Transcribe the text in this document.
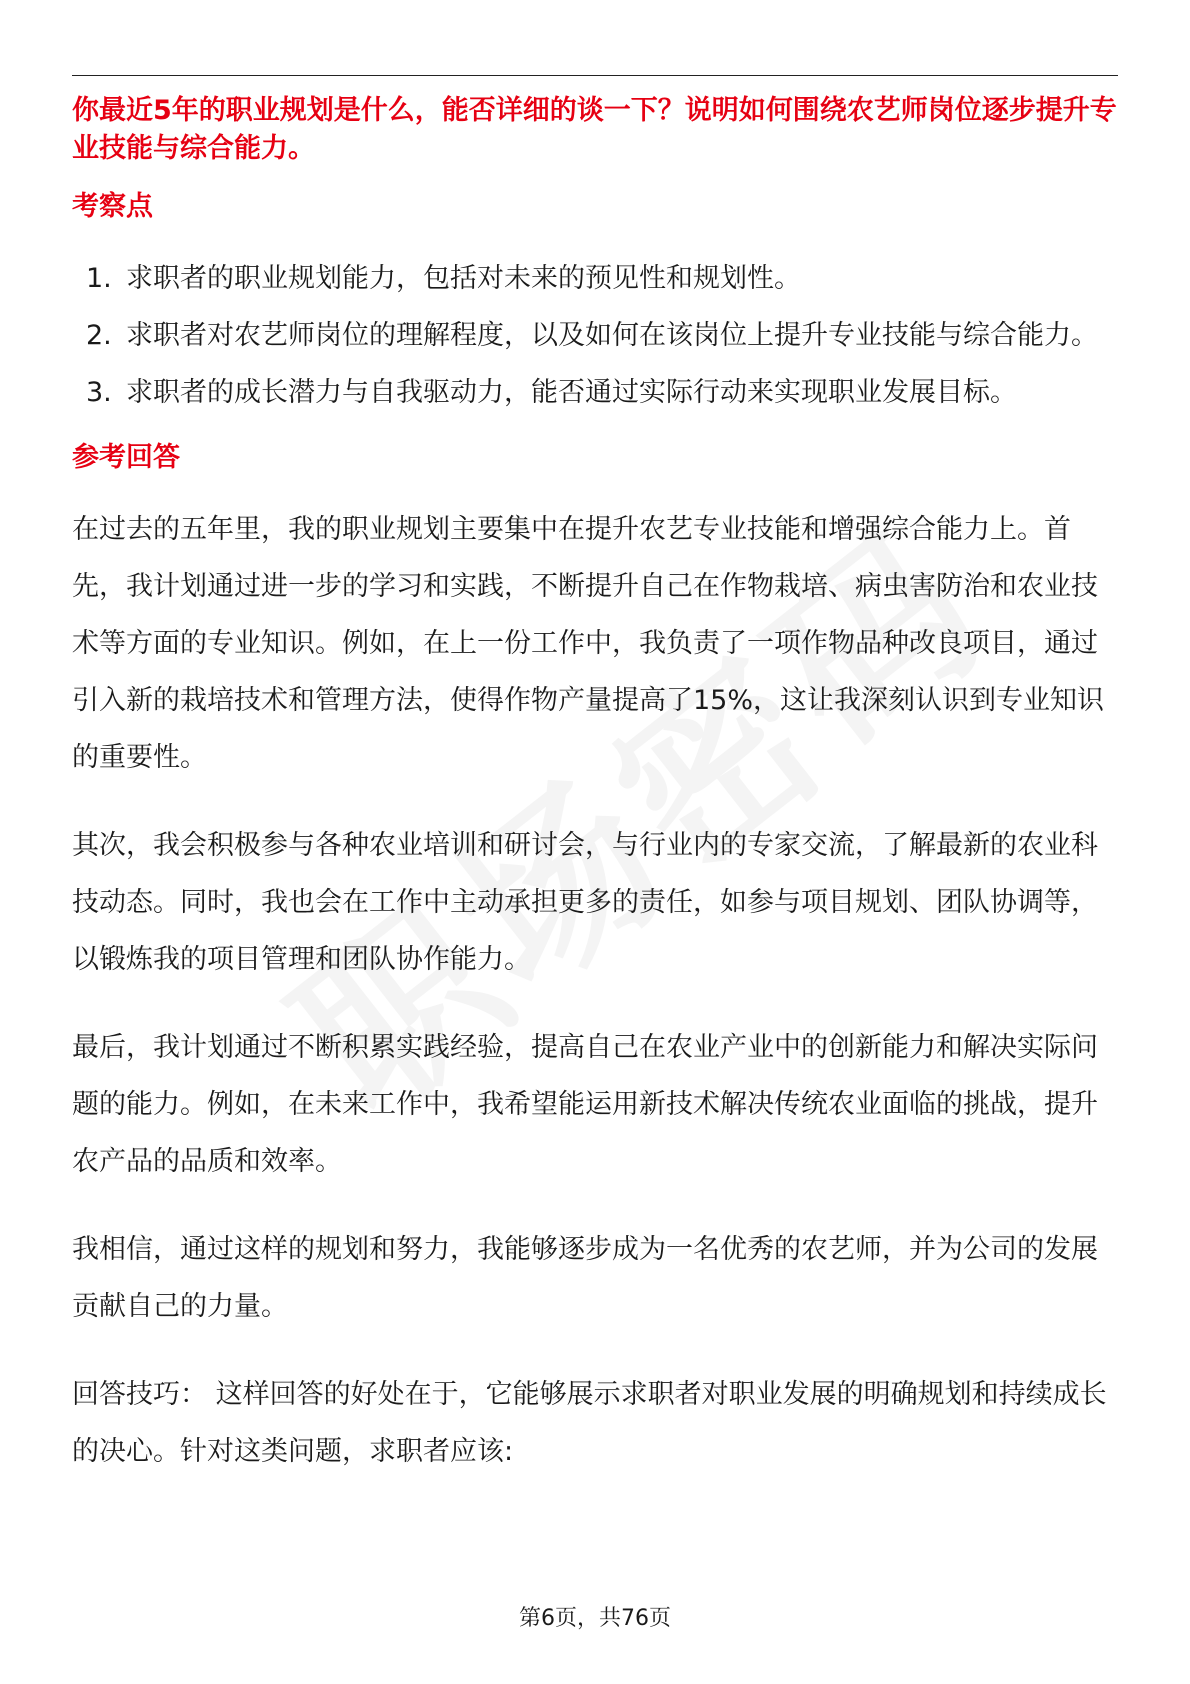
你最近5年的职业规划是什么，能否详细的谈一下？说明如何围绕农艺师岗位逐步提升专业技能与综合能力。

考察点
1. 求职者的职业规划能力，包括对未来的预见性和规划性。
2. 求职者对农艺师岗位的理解程度，以及如何在该岗位上提升专业技能与综合能力。
3. 求职者的成长潜力与自我驱动力，能否通过实际行动来实现职业发展目标。
参考回答

在过去的五年里，我的职业规划主要集中在提升农艺专业技能和增强综合能力上。首先，我计划通过进一步的学习和实践，不断提升自己在作物栽培、病虫害防治和农业技术等方面的专业知识。例如，在上一份工作中，我负责了一项作物品种改良项目，通过引入新的栽培技术和管理方法，使得作物产量提高了15%，这让我深刻认识到专业知识的重要性。

其次，我会积极参与各种农业培训和研讨会，与行业内的专家交流，了解最新的农业科技动态。同时，我也会在工作中主动承担更多的责任，如参与项目规划、团队协调等，以锻炼我的项目管理和团队协作能力。

最后，我计划通过不断积累实践经验，提高自己在农业产业中的创新能力和解决实际问题的能力。例如，在未来工作中，我希望能运用新技术解决传统农业面临的挑战，提升农产品的品质和效率。

我相信，通过这样的规划和努力，我能够逐步成为一名优秀的农艺师，并为公司的发展贡献自己的力量。

回答技巧： 这样回答的好处在于，它能够展示求职者对职业发展的明确规划和持续成长的决心。针对这类问题，求职者应该:

第6页，共76页
